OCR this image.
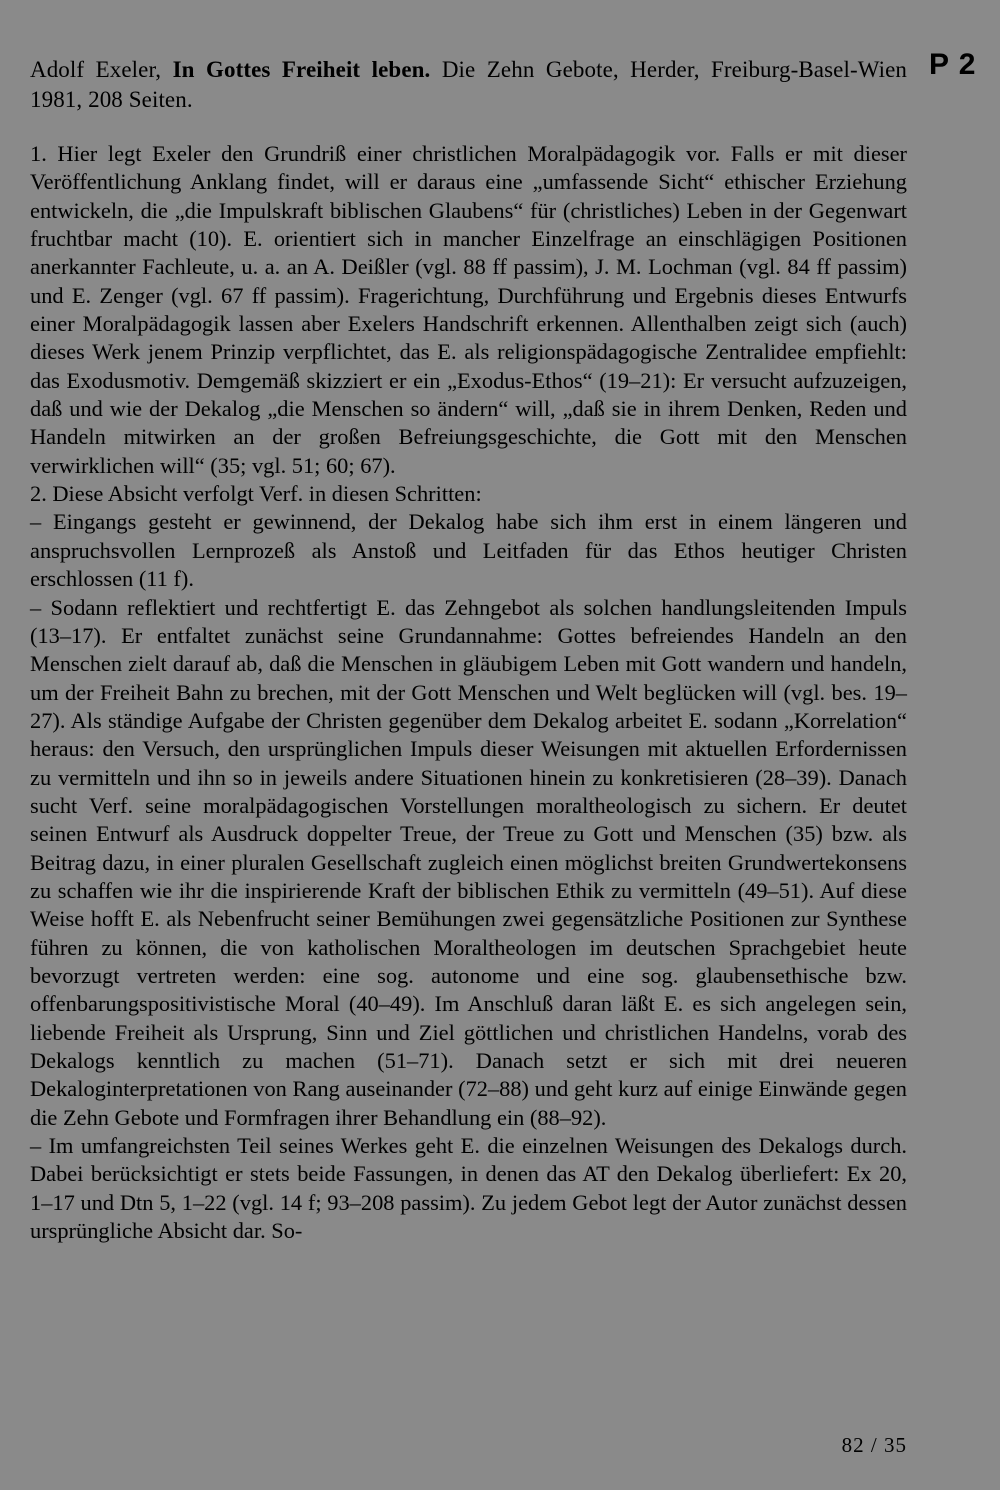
P 2

Adolf Exeler, In Gottes Freiheit leben. Die Zehn Gebote, Herder, Freiburg-Basel-Wien 1981, 208 Seiten.

1. Hier legt Exeler den Grundriß einer christlichen Moralpädagogik vor. Falls er mit dieser Veröffentlichung Anklang findet, will er daraus eine „umfassende Sicht“ ethischer Erziehung entwickeln, die „die Impulskraft biblischen Glaubens“ für (christliches) Leben in der Gegenwart fruchtbar macht (10). E. orientiert sich in mancher Einzelfrage an einschlägigen Positionen anerkannter Fachleute, u. a. an A. Deißler (vgl. 88 ff passim), J. M. Lochman (vgl. 84 ff passim) und E. Zenger (vgl. 67 ff passim). Fragerichtung, Durchführung und Ergebnis dieses Entwurfs einer Moralpädagogik lassen aber Exelers Handschrift erkennen. Allenthalben zeigt sich (auch) dieses Werk jenem Prinzip verpflichtet, das E. als religionspädagogische Zentralidee empfiehlt: das Exodusmotiv. Demgemäß skizziert er ein „Exodus-Ethos“ (19–21): Er versucht aufzuzeigen, daß und wie der Dekalog „die Menschen so ändern“ will, „daß sie in ihrem Denken, Reden und Handeln mitwirken an der großen Befreiungsgeschichte, die Gott mit den Menschen verwirklichen will“ (35; vgl. 51; 60; 67).

2. Diese Absicht verfolgt Verf. in diesen Schritten:

– Eingangs gesteht er gewinnend, der Dekalog habe sich ihm erst in einem längeren und anspruchsvollen Lernprozeß als Anstoß und Leitfaden für das Ethos heutiger Christen erschlossen (11 f).

– Sodann reflektiert und rechtfertigt E. das Zehngebot als solchen handlungsleitenden Impuls (13–17). Er entfaltet zunächst seine Grundannahme: Gottes befreiendes Handeln an den Menschen zielt darauf ab, daß die Menschen in gläubigem Leben mit Gott wandern und handeln, um der Freiheit Bahn zu brechen, mit der Gott Menschen und Welt beglücken will (vgl. bes. 19–27). Als ständige Aufgabe der Christen gegenüber dem Dekalog arbeitet E. sodann „Korrelation“ heraus: den Versuch, den ursprünglichen Impuls dieser Weisungen mit aktuellen Erfordernissen zu vermitteln und ihn so in jeweils andere Situationen hinein zu konkretisieren (28–39). Danach sucht Verf. seine moralpädagogischen Vorstellungen moraltheologisch zu sichern. Er deutet seinen Entwurf als Ausdruck doppelter Treue, der Treue zu Gott und Menschen (35) bzw. als Beitrag dazu, in einer pluralen Gesellschaft zugleich einen möglichst breiten Grundwertekonsens zu schaffen wie ihr die inspirierende Kraft der biblischen Ethik zu vermitteln (49–51). Auf diese Weise hofft E. als Nebenfrucht seiner Bemühungen zwei gegensätzliche Positionen zur Synthese führen zu können, die von katholischen Moraltheologen im deutschen Sprachgebiet heute bevorzugt vertreten werden: eine sog. autonome und eine sog. glaubensethische bzw. offenbarungspositivistische Moral (40–49). Im Anschluß daran läßt E. es sich angelegen sein, liebende Freiheit als Ursprung, Sinn und Ziel göttlichen und christlichen Handelns, vorab des Dekalogs kenntlich zu machen (51–71). Danach setzt er sich mit drei neueren Dekaloginterpretationen von Rang auseinander (72–88) und geht kurz auf einige Einwände gegen die Zehn Gebote und Formfragen ihrer Behandlung ein (88–92).

– Im umfangreichsten Teil seines Werkes geht E. die einzelnen Weisungen des Dekalogs durch. Dabei berücksichtigt er stets beide Fassungen, in denen das AT den Dekalog überliefert: Ex 20, 1–17 und Dtn 5, 1–22 (vgl. 14 f; 93–208 passim). Zu jedem Gebot legt der Autor zunächst dessen ursprüngliche Absicht dar. So-

82 / 35
